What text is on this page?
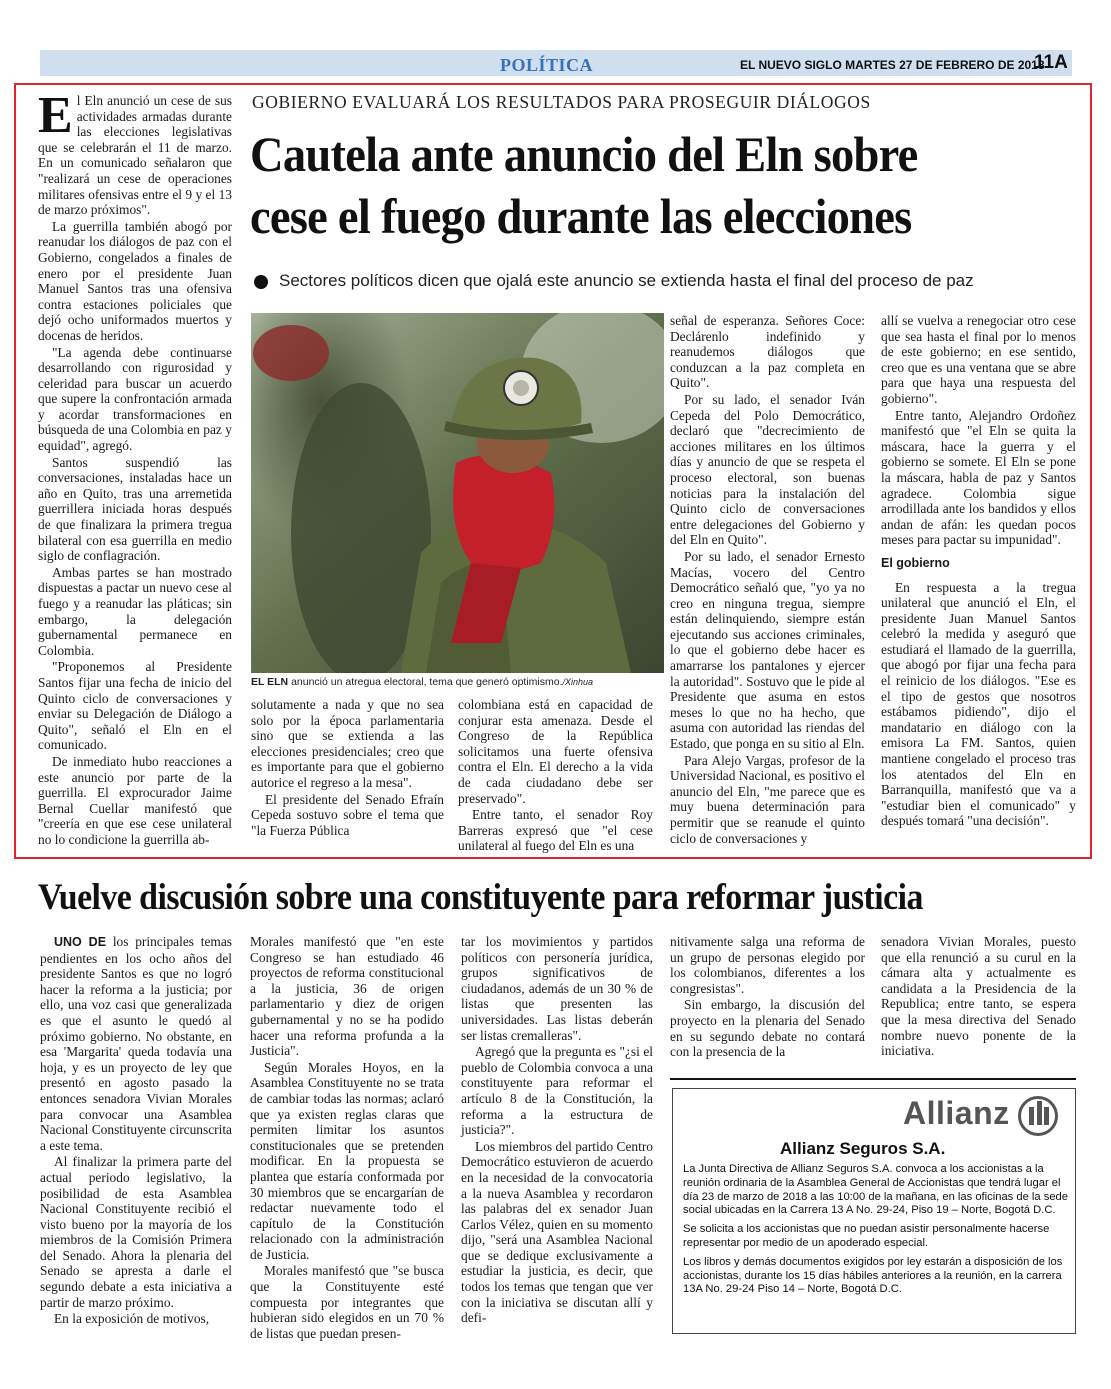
POLÍTICA	EL NUEVO SIGLO MARTES 27 DE FEBRERO DE 2018
11A

El Eln anunció un cese de sus actividades armadas durante las elecciones legislativas que se celebrarán el 11 de marzo. En un comunicado señalaron que "realizará un cese de operaciones militares ofensivas entre el 9 y el 13 de marzo próximos".

La guerrilla también abogó por reanudar los diálogos de paz con el Gobierno, congelados a finales de enero por el presidente Juan Manuel Santos tras una ofensiva contra estaciones policiales que dejó ocho uniformados muertos y docenas de heridos.

"La agenda debe continuarse desarrollando con rigurosidad y celeridad para buscar un acuerdo que supere la confrontación armada y acordar transformaciones en búsqueda de una Colombia en paz y equidad", agregó.

Santos suspendió las conversaciones, instaladas hace un año en Quito, tras una arremetida guerrillera iniciada horas después de que finalizara la primera tregua bilateral con esa guerrilla en medio siglo de conflagración.

Ambas partes se han mostrado dispuestas a pactar un nuevo cese al fuego y a reanudar las pláticas; sin embargo, la delegación gubernamental permanece en Colombia.

"Proponemos al Presidente Santos fijar una fecha de inicio del Quinto ciclo de conversaciones y enviar su Delegación de Diálogo a Quito", señaló el Eln en el comunicado.

De inmediato hubo reacciones a este anuncio por parte de la guerrilla. El exprocurador Jaime Bernal Cuellar manifestó que "creería en que ese cese unilateral no lo condicione la guerrilla ab-

GOBIERNO EVALUARÁ LOS RESULTADOS PARA PROSEGUIR DIÁLOGOS
Cautela ante anuncio del Eln sobre
cese el fuego durante las elecciones
Sectores políticos dicen que ojalá este anuncio se extienda hasta el final del proceso de paz
EL ELN anunció un atregua electoral, tema que generó optimismo./Xinhua

solutamente a nada y que no sea solo por la época parlamentaria sino que se extienda a las elecciones presidenciales; creo que es importante para que el gobierno autorice el regreso a la mesa".

El presidente del Senado Efraín Cepeda sostuvo sobre el tema que "la Fuerza Pública

colombiana está en capacidad de conjurar esta amenaza. Desde el Congreso de la República solicitamos una fuerte ofensiva contra el Eln. El derecho a la vida de cada ciudadano debe ser preservado".

Entre tanto, el senador Roy Barreras expresó que "el cese unilateral al fuego del Eln es una

señal de esperanza. Señores Coce: Declárenlo indefinido y reanudemos diálogos que conduzcan a la paz completa en Quito".

Por su lado, el senador Iván Cepeda del Polo Democrático, declaró que "decrecimiento de acciones militares en los últimos días y anuncio de que se respeta el proceso electoral, son buenas noticias para la instalación del Quinto ciclo de conversaciones entre delegaciones del Gobierno y del Eln en Quito".

Por su lado, el senador Ernesto Macías, vocero del Centro Democrático señaló que, "yo ya no creo en ninguna tregua, siempre están delinquiendo, siempre están ejecutando sus acciones criminales, lo que el gobierno debe hacer es amarrarse los pantalones y ejercer la autoridad". Sostuvo que le pide al Presidente que asuma en estos meses lo que no ha hecho, que asuma con autoridad las riendas del Estado, que ponga en su sitio al Eln.

Para Alejo Vargas, profesor de la Universidad Nacional, es positivo el anuncio del Eln, "me parece que es muy buena determinación para permitir que se reanude el quinto ciclo de conversaciones y

allí se vuelva a renegociar otro cese que sea hasta el final por lo menos de este gobierno; en ese sentido, creo que es una ventana que se abre para que haya una respuesta del gobierno".

Entre tanto, Alejandro Ordoñez manifestó que "el Eln se quita la máscara, hace la guerra y el gobierno se somete. El Eln se pone la máscara, habla de paz y Santos agradece. Colombia sigue arrodillada ante los bandidos y ellos andan de afán: les quedan pocos meses para pactar su impunidad".

El gobierno

En respuesta a la tregua unilateral que anunció el Eln, el presidente Juan Manuel Santos celebró la medida y aseguró que estudiará el llamado de la guerrilla, que abogó por fijar una fecha para el reinicio de los diálogos. "Ese es el tipo de gestos que nosotros estábamos pidiendo", dijo el mandatario en diálogo con la emisora La FM. Santos, quien mantiene congelado el proceso tras los atentados del Eln en Barranquilla, manifestó que va a "estudiar bien el comunicado" y después tomará "una decisión".

Vuelve discusión sobre una constituyente para reformar justicia

UNO DE los principales temas pendientes en los ocho años del presidente Santos es que no logró hacer la reforma a la justicia; por ello, una voz casi que generalizada es que el asunto le quedó al próximo gobierno. No obstante, en esa 'Margarita' queda todavía una hoja, y es un proyecto de ley que presentó en agosto pasado la entonces senadora Vivian Morales para convocar una Asamblea Nacional Constituyente circunscrita a este tema.

Al finalizar la primera parte del actual periodo legislativo, la posibilidad de esta Asamblea Nacional Constituyente recibió el visto bueno por la mayoría de los miembros de la Comisión Primera del Senado. Ahora la plenaria del Senado se apresta a darle el segundo debate a esta iniciativa a partir de marzo próximo.

En la exposición de motivos,

Morales manifestó que "en este Congreso se han estudiado 46 proyectos de reforma constitucional a la justicia, 36 de origen parlamentario y diez de origen gubernamental y no se ha podido hacer una reforma profunda a la Justicia".

Según Morales Hoyos, en la Asamblea Constituyente no se trata de cambiar todas las normas; aclaró que ya existen reglas claras que permiten limitar los asuntos constitucionales que se pretenden modificar. En la propuesta se plantea que estaría conformada por 30 miembros que se encargarían de redactar nuevamente todo el capítulo de la Constitución relacionado con la administración de Justicia.

Morales manifestó que "se busca que la Constituyente esté compuesta por integrantes que hubieran sido elegidos en un 70 % de listas que puedan presen-

tar los movimientos y partidos políticos con personería jurídica, grupos significativos de ciudadanos, además de un 30 % de listas que presenten las universidades. Las listas deberán ser listas cremalleras".

Agregó que la pregunta es "¿si el pueblo de Colombia convoca a una constituyente para reformar el artículo 8 de la Constitución, la reforma a la estructura de justicia?".

Los miembros del partido Centro Democrático estuvieron de acuerdo en la necesidad de la convocatoria a la nueva Asamblea y recordaron las palabras del ex senador Juan Carlos Vélez, quien en su momento dijo, "será una Asamblea Nacional que se dedique exclusivamente a estudiar la justicia, es decir, que todos los temas que tengan que ver con la iniciativa se discutan allí y defi-

nitivamente salga una reforma de un grupo de personas elegido por los colombianos, diferentes a los congresistas".

Sin embargo, la discusión del proyecto en la plenaria del Senado en su segundo debate no contará con la presencia de la

senadora Vivian Morales, puesto que ella renunció a su curul en la cámara alta y actualmente es candidata a la Presidencia de la Republica; entre tanto, se espera que la mesa directiva del Senado nombre nuevo ponente de la iniciativa.

Allianz
Allianz Seguros S.A.

La Junta Directiva de Allianz Seguros S.A. convoca a los accionistas a la reunión ordinaria de la Asamblea General de Accionistas que tendrá lugar el día 23 de marzo de 2018 a las 10:00 de la mañana, en las oficinas de la sede social ubicadas en la Carrera 13 A No. 29-24, Piso 19 – Norte, Bogotá D.C.

Se solicita a los accionistas que no puedan asistir personalmente hacerse representar por medio de un apoderado especial.

Los libros y demás documentos exigidos por ley estarán a disposición de los accionistas, durante los 15 días hábiles anteriores a la reunión, en la carrera 13A No. 29-24 Piso 14 – Norte, Bogotá D.C.
